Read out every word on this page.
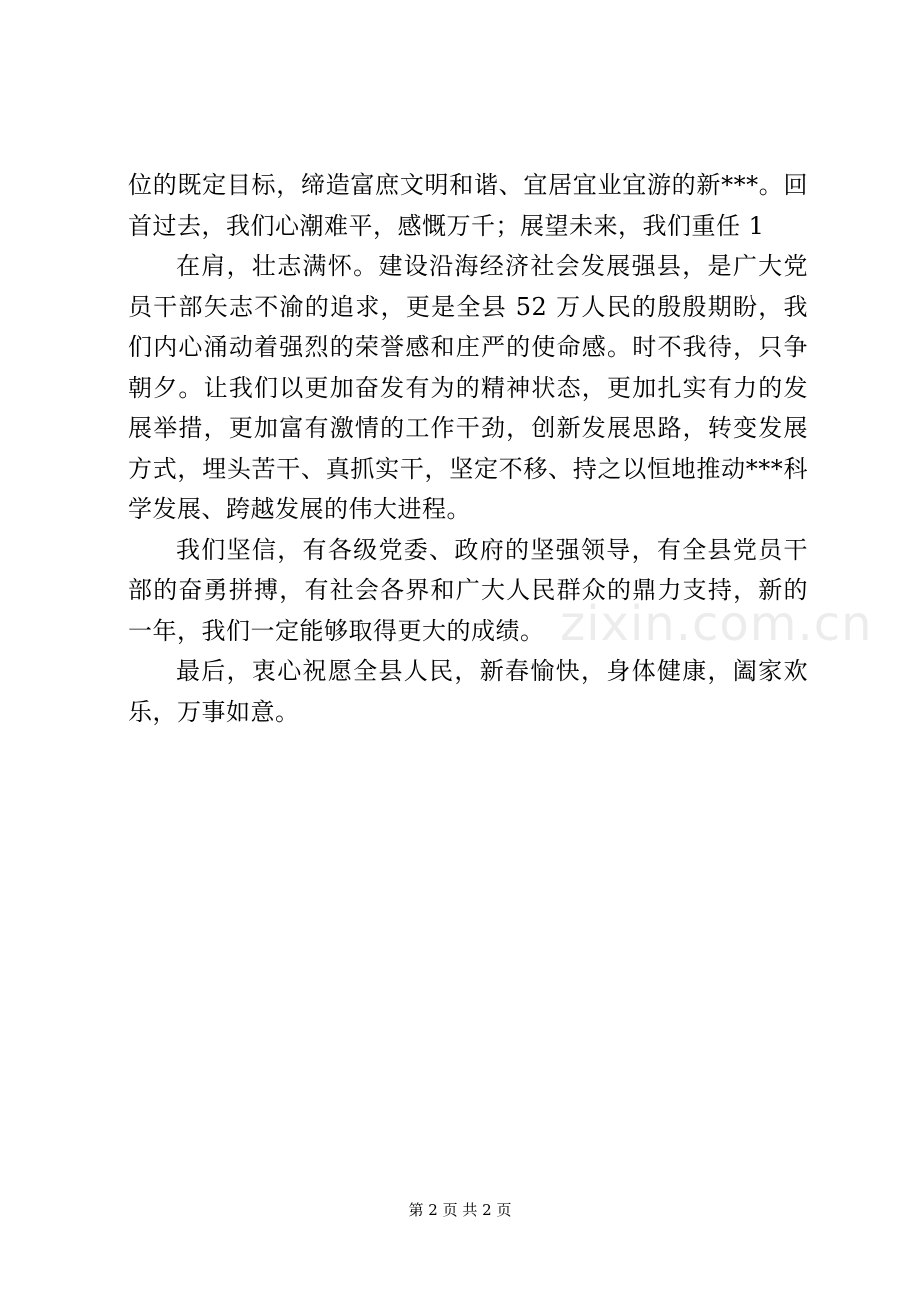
位的既定目标，缔造富庶文明和谐、宜居宜业宜游的新***。回首过去，我们心潮难平，感慨万千；展望未来，我们重任 1

在肩，壮志满怀。建设沿海经济社会发展强县，是广大党员干部矢志不渝的追求，更是全县 52 万人民的殷殷期盼，我们内心涌动着强烈的荣誉感和庄严的使命感。时不我待，只争朝夕。让我们以更加奋发有为的精神状态，更加扎实有力的发展举措，更加富有激情的工作干劲，创新发展思路，转变发展方式，埋头苦干、真抓实干，坚定不移、持之以恒地推动***科学发展、跨越发展的伟大进程。

我们坚信，有各级党委、政府的坚强领导，有全县党员干部的奋勇拼搏，有社会各界和广大人民群众的鼎力支持，新的一年，我们一定能够取得更大的成绩。

最后，衷心祝愿全县人民，新春愉快，身体健康，阖家欢乐，万事如意。

zixin.com.cn
第 2 页 共 2 页
